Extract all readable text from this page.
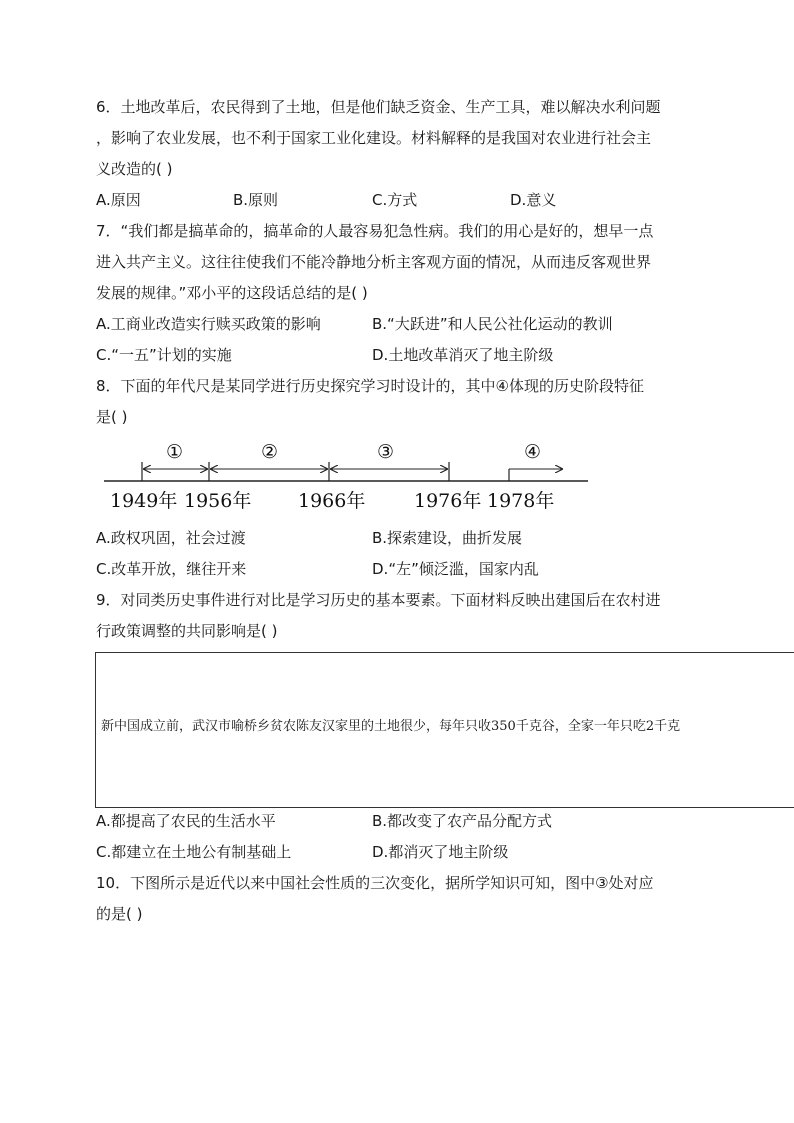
6．土地改革后，农民得到了土地，但是他们缺乏资金、生产工具，难以解决水利问题
，影响了农业发展，也不利于国家工业化建设。材料解释的是我国对农业进行社会主
义改造的( )
A.原因	B.原则	C.方式	D.意义
7．“我们都是搞革命的，搞革命的人最容易犯急性病。我们的用心是好的，想早一点
进入共产主义。这往往使我们不能冷静地分析主客观方面的情况，从而违反客观世界
发展的规律。”邓小平的这段话总结的是( )
A.工商业改造实行赎买政策的影响	B.“大跃进”和人民公社化运动的教训
C.“一五”计划的实施	D.土地改革消灭了地主阶级
8．下面的年代尺是某同学进行历史探究学习时设计的，其中④体现的历史阶段特征
是( )
①	②	③	④
1949年 1956年 1966年	1976年 1978年
A.政权巩固，社会过渡	B.探索建设，曲折发展
C.改革开放，继往开来	D.“左”倾泛滥，国家内乱
9．对同类历史事件进行对比是学习历史的基本要素。下面材料反映出建国后在农村进
行政策调整的共同影响是( )
新中国成立前，武汉市喻桥乡贫农陈友汉家里的土地很少，每年只收350千克谷，全家一年只吃2千克
A.都提高了农民的生活水平	B.都改变了农产品分配方式
C.都建立在土地公有制基础上	D.都消灭了地主阶级
10．下图所示是近代以来中国社会性质的三次变化，据所学知识可知，图中③处对应
的是( )
